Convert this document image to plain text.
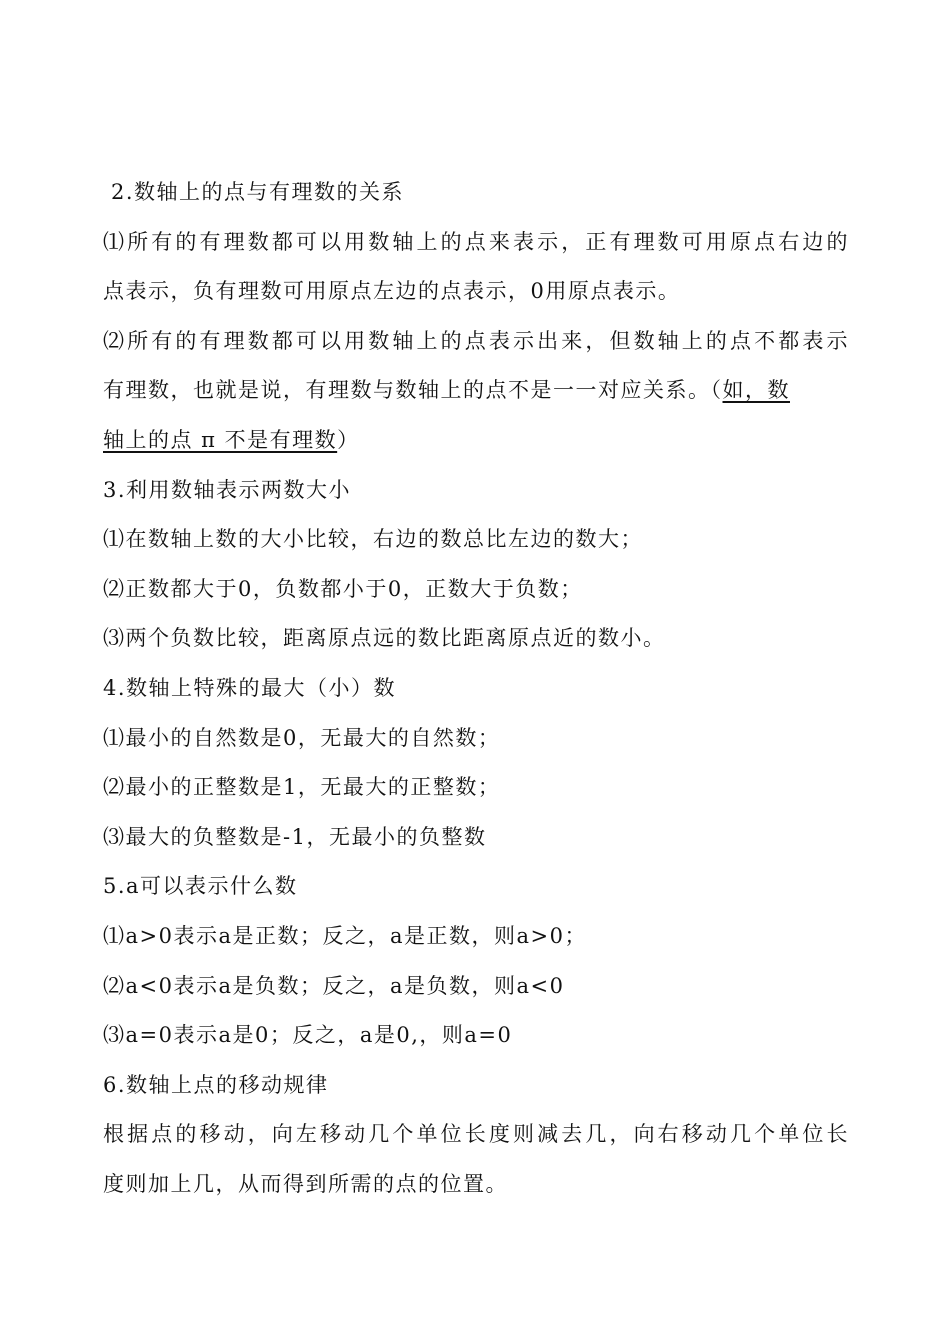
2.数轴上的点与有理数的关系
⑴所有的有理数都可以用数轴上的点来表示，正有理数可用原点右边的
点表示，负有理数可用原点左边的点表示，0用原点表示。
⑵所有的有理数都可以用数轴上的点表示出来，但数轴上的点不都表示
有理数，也就是说，有理数与数轴上的点不是一一对应关系。（如，数
轴上的点 π 不是有理数）
3.利用数轴表示两数大小
⑴在数轴上数的大小比较，右边的数总比左边的数大；
⑵正数都大于0，负数都小于0，正数大于负数；
⑶两个负数比较，距离原点远的数比距离原点近的数小。
4.数轴上特殊的最大（小）数
⑴最小的自然数是0，无最大的自然数；
⑵最小的正整数是1，无最大的正整数；
⑶最大的负整数是-1，无最小的负整数
5.a可以表示什么数
⑴a>0表示a是正数；反之，a是正数，则a>0；
⑵a<0表示a是负数；反之，a是负数，则a<0
⑶a=0表示a是0；反之，a是0,，则a=0
6.数轴上点的移动规律
根据点的移动，向左移动几个单位长度则减去几，向右移动几个单位长
度则加上几，从而得到所需的点的位置。
